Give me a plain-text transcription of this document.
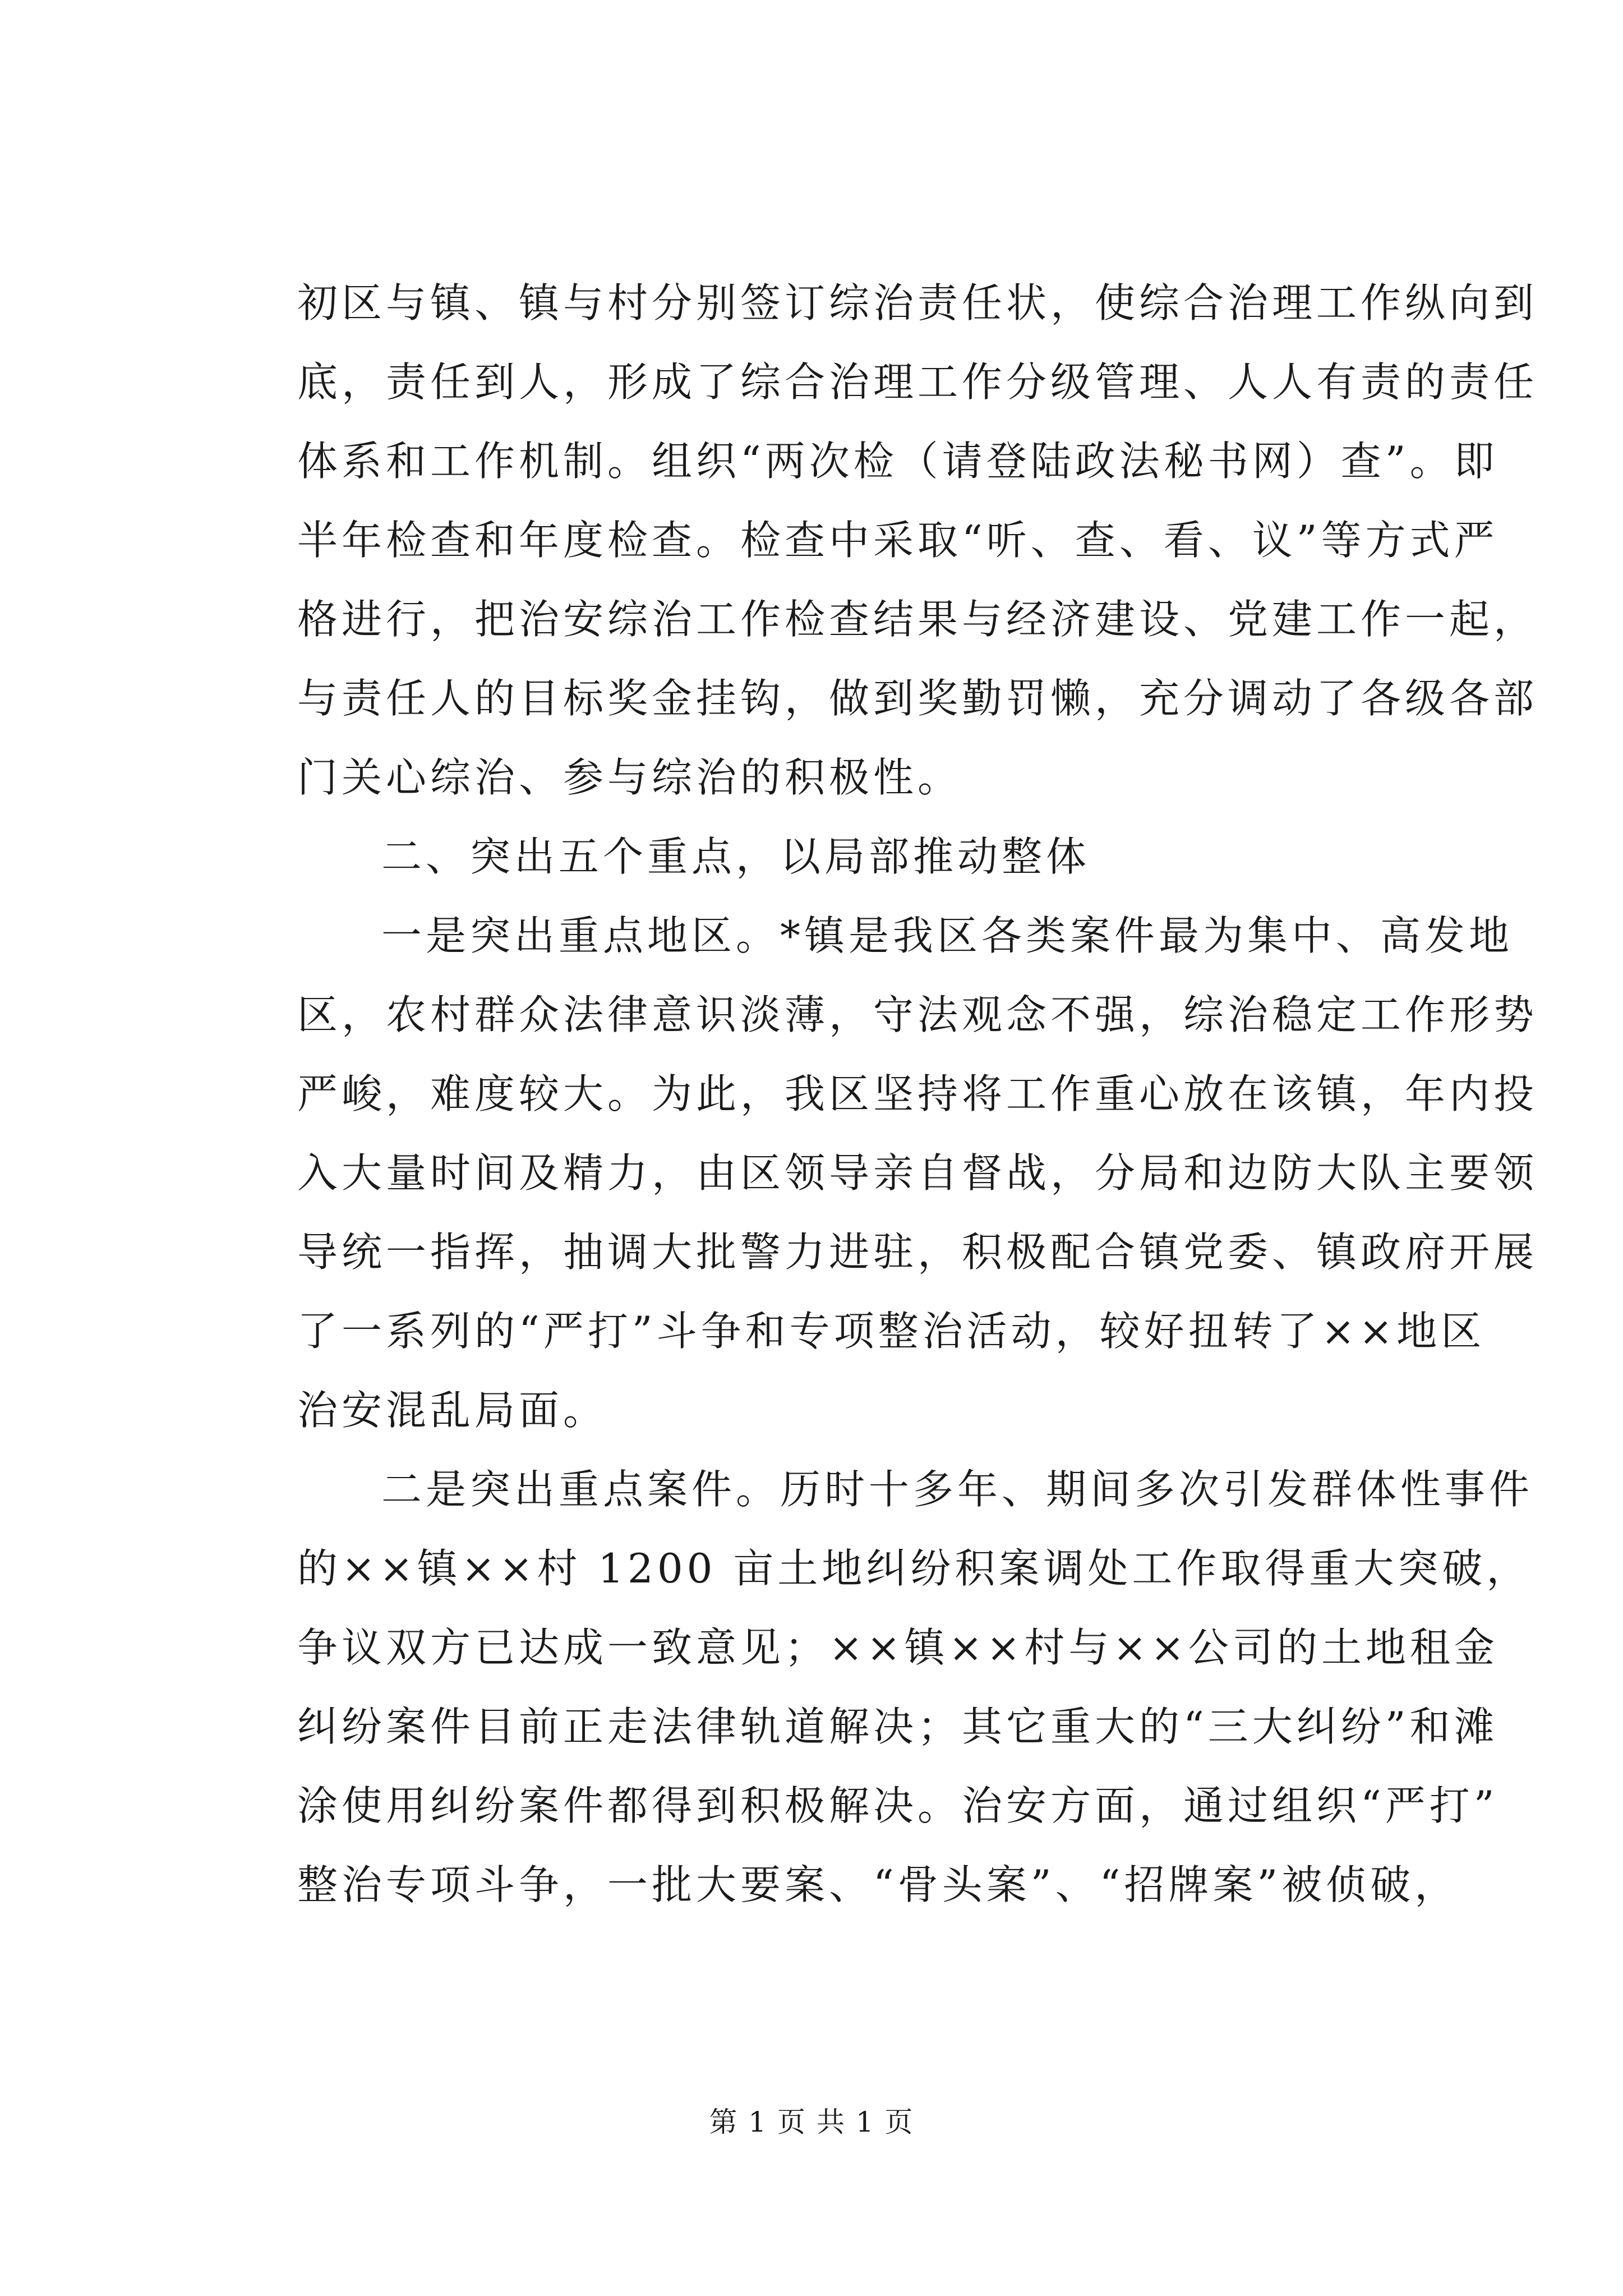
初区与镇、镇与村分别签订综治责任状，使综合治理工作纵向到
底，责任到人，形成了综合治理工作分级管理、人人有责的责任
体系和工作机制。组织“两次检（请登陆政法秘书网）查”。即
半年检查和年度检查。检查中采取“听、查、看、议”等方式严
格进行，把治安综治工作检查结果与经济建设、党建工作一起，
与责任人的目标奖金挂钩，做到奖勤罚懒，充分调动了各级各部
门关心综治、参与综治的积极性。
二、突出五个重点，以局部推动整体
一是突出重点地区。*镇是我区各类案件最为集中、高发地
区，农村群众法律意识淡薄，守法观念不强，综治稳定工作形势
严峻，难度较大。为此，我区坚持将工作重心放在该镇，年内投
入大量时间及精力，由区领导亲自督战，分局和边防大队主要领
导统一指挥，抽调大批警力进驻，积极配合镇党委、镇政府开展
了一系列的“严打”斗争和专项整治活动，较好扭转了××地区
治安混乱局面。
二是突出重点案件。历时十多年、期间多次引发群体性事件
的××镇××村 1200 亩土地纠纷积案调处工作取得重大突破，
争议双方已达成一致意见；××镇××村与××公司的土地租金
纠纷案件目前正走法律轨道解决；其它重大的“三大纠纷”和滩
涂使用纠纷案件都得到积极解决。治安方面，通过组织“严打”
整治专项斗争，一批大要案、“骨头案”、“招牌案”被侦破，
第 1 页 共 1 页
